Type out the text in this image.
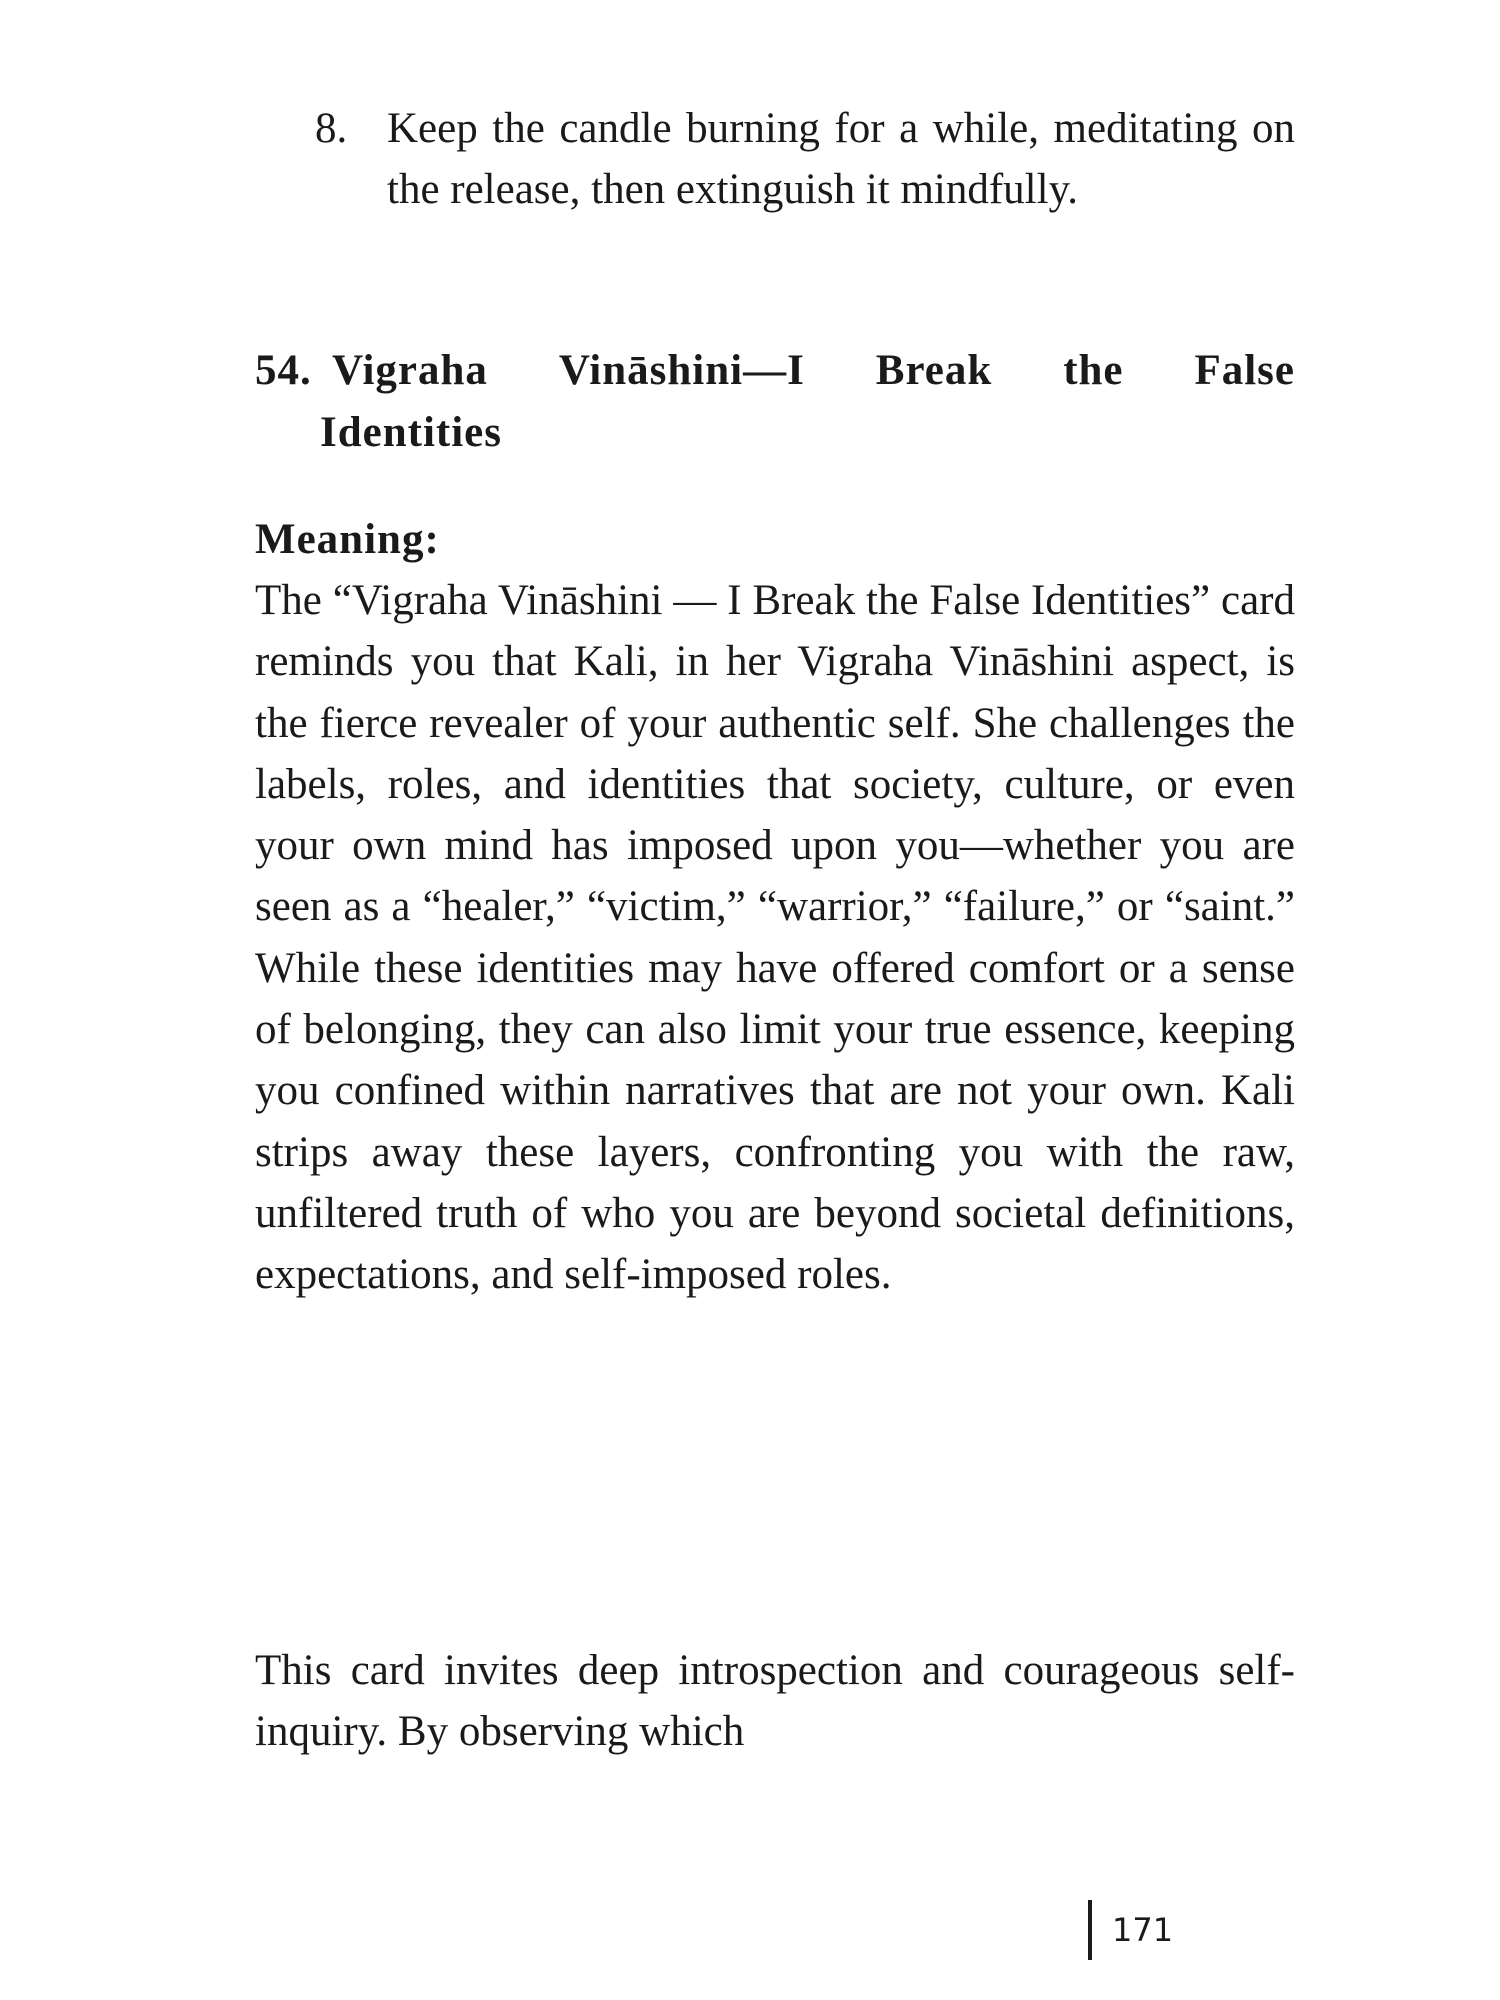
8. Keep the candle burning for a while, meditating on the release, then extinguish it mindfully.
54. Vigraha Vināshini—I Break the False
Identities
Meaning:

The “Vigraha Vināshini — I Break the False Identities” card reminds you that Kali, in her Vigraha Vināshini aspect, is the fierce revealer of your authentic self. She challenges the labels, roles, and identities that society, culture, or even your own mind has imposed upon you—whether you are seen as a “healer,” “victim,” “warrior,” “failure,” or “saint.” While these identities may have offered comfort or a sense of belonging, they can also limit your true essence, keeping you confined within narratives that are not your own. Kali strips away these layers, confronting you with the raw, unfiltered truth of who you are beyond societal definitions, expectations, and self-imposed roles.

This card invites deep introspection and courageous self-inquiry. By observing which

171
